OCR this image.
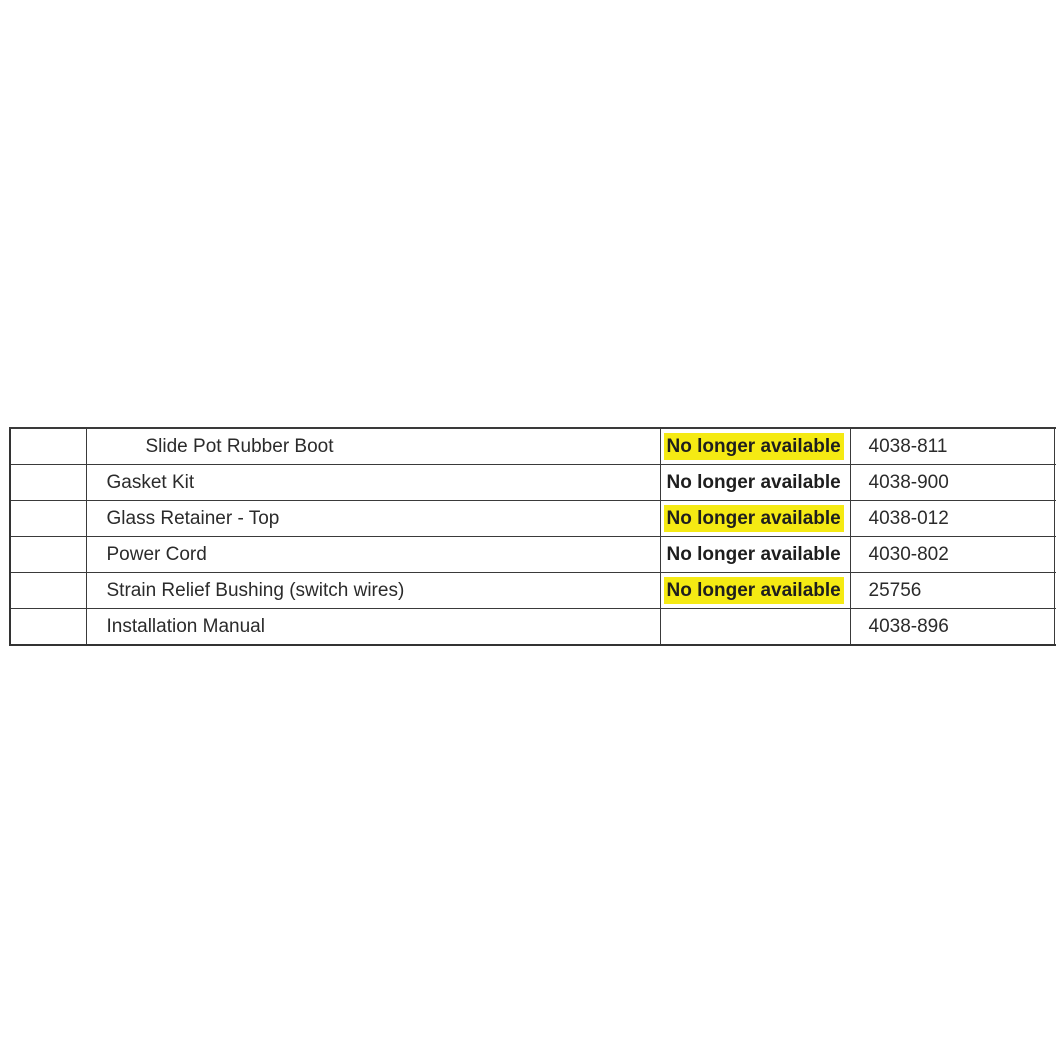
	Slide Pot Rubber Boot	No longer available	4038-811	
	Gasket Kit	No longer available	4038-900	
	Glass Retainer - Top	No longer available	4038-012	
	Power Cord	No longer available	4030-802	
	Strain Relief Bushing (switch wires)	No longer available	25756	
	Installation Manual		4038-896	
